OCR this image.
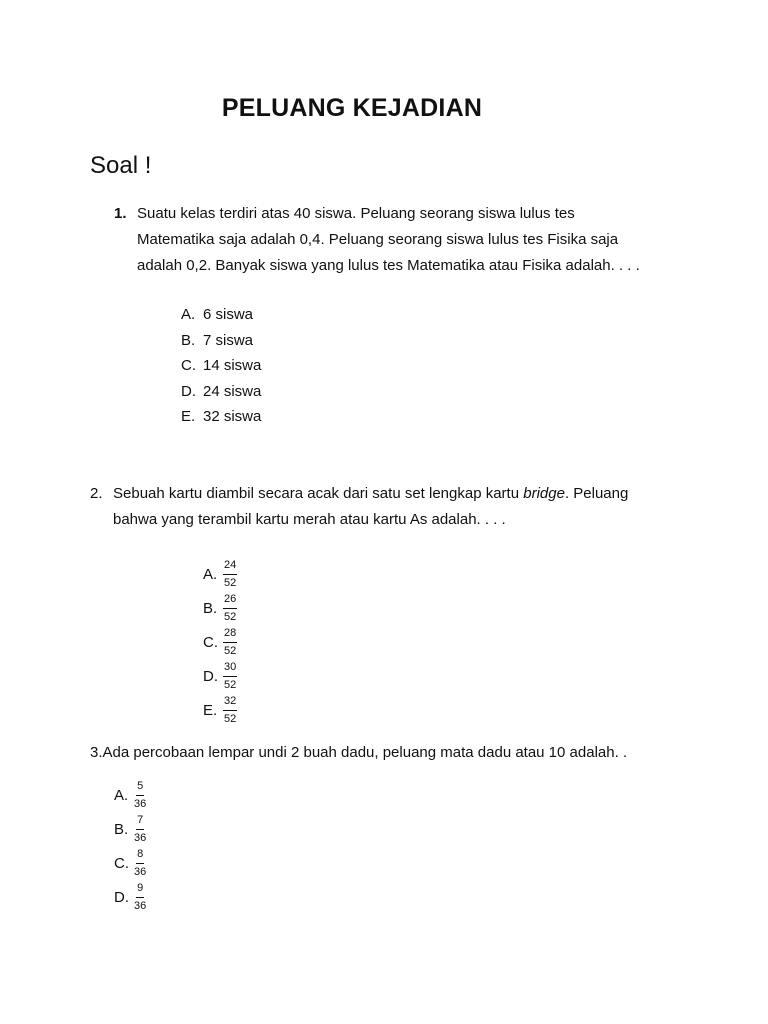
PELUANG KEJADIAN
Soal !
1. Suatu kelas terdiri atas 40 siswa. Peluang seorang siswa lulus tes
Matematika saja adalah 0,4. Peluang seorang siswa lulus tes Fisika saja
adalah 0,2. Banyak siswa yang lulus tes Matematika atau Fisika adalah. . . .
A. 6 siswa
B. 7 siswa
C. 14 siswa
D. 24 siswa
E. 32 siswa
2. Sebuah kartu diambil secara acak dari satu set lengkap kartu bridge. Peluang
bahwa yang terambil kartu merah atau kartu As adalah. . . .
A. $\frac{24}{52}$
B. $\frac{26}{52}$
C. $\frac{28}{52}$
D. $\frac{30}{52}$
E. $\frac{32}{52}$
3.Ada percobaan lempar undi 2 buah dadu, peluang mata dadu atau 10 adalah. .
A. $\frac{5}{36}$
B. $\frac{7}{36}$
C. $\frac{8}{36}$
D. $\frac{9}{36}$
